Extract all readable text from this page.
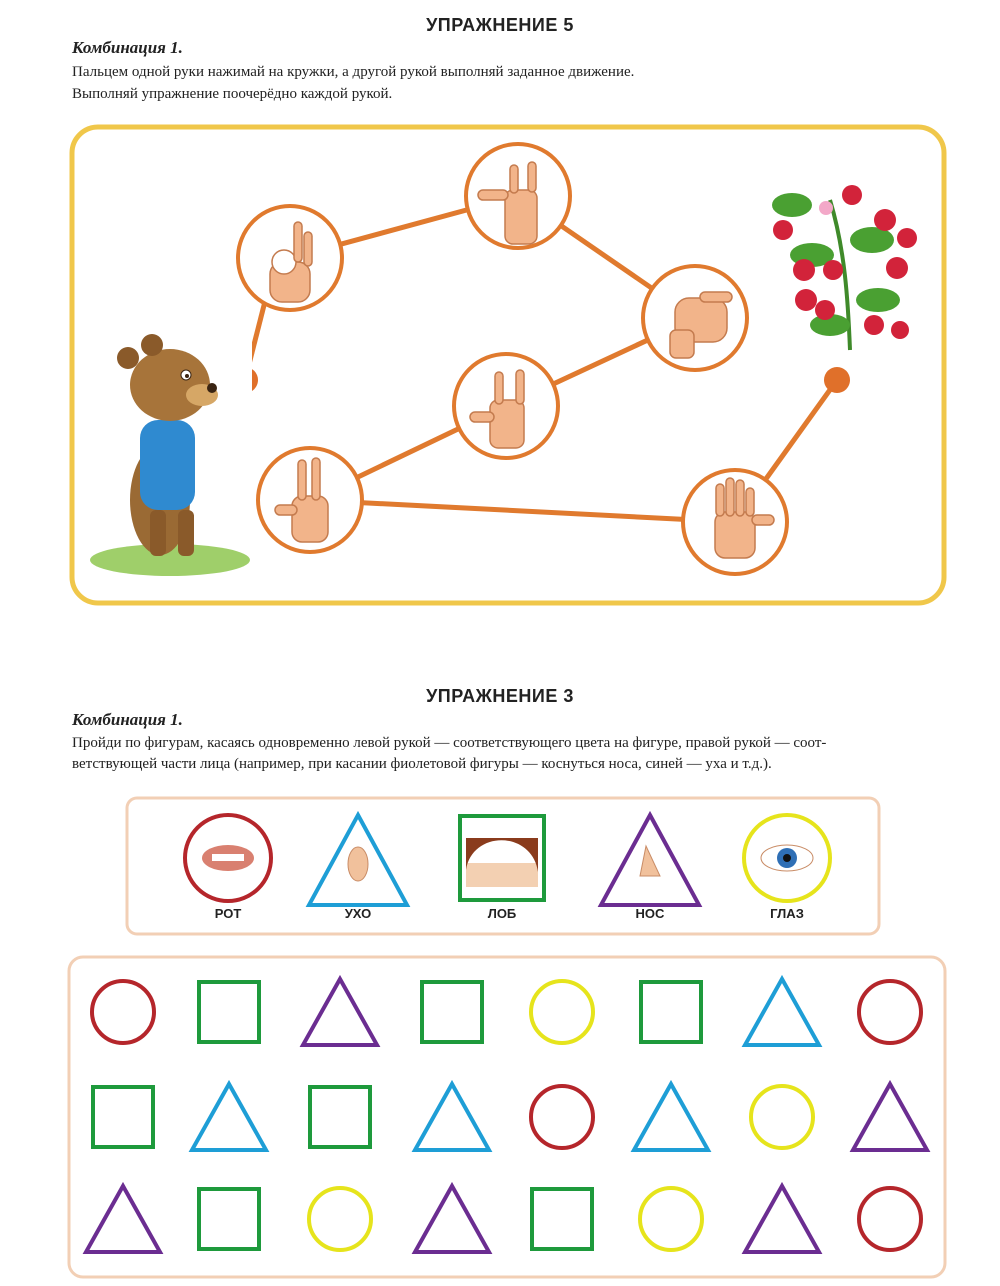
УПРАЖНЕНИЕ 5
Комбинация 1.
Пальцем одной руки нажимай на кружки, а другой рукой выполняй заданное движение.
Выполняй упражнение поочерёдно каждой рукой.
УПРАЖНЕНИЕ 3
Комбинация 1.
Пройди по фигурам, касаясь одновременно левой рукой — соответствующего цвета на фигуре, правой рукой — соот-
ветствующей части лица (например, при касании фиолетовой фигуры — коснуться носа, синей — уха и т.д.).
РОТ	УХО	ЛОБ	НОС	ГЛАЗ
